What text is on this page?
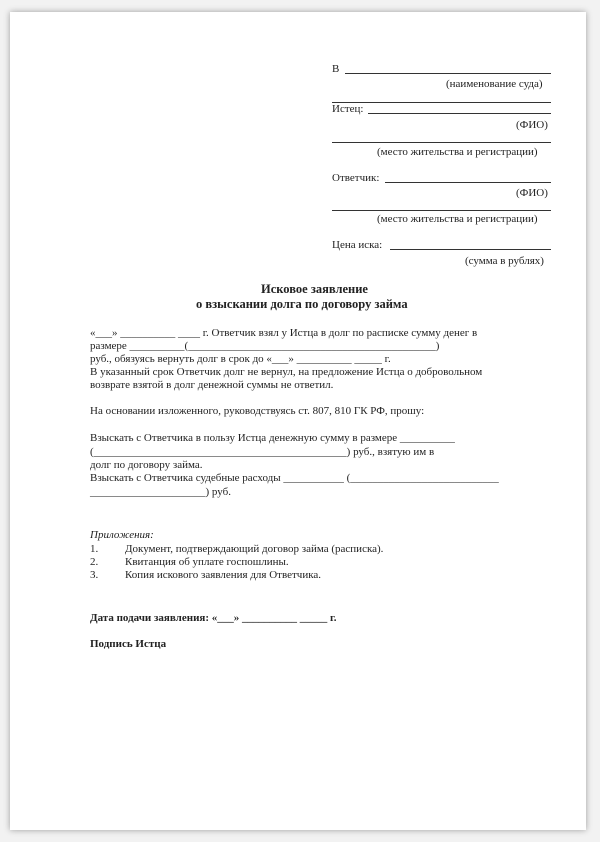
В
(наименование суда)
Истец:
(ФИО)
(место жительства и регистрации)
Ответчик:
(ФИО)
(место жительства и регистрации)
Цена иска:
(сумма в рублях)
Исковое заявление
о взыскании долга по договору займа
«___» __________ ____ г. Ответчик взял у Истца в долг по расписке сумму денег в
размере __________(_____________________________________________)
руб., обязуясь вернуть долг в срок до «___» __________ _____ г.
В указанный срок Ответчик долг не вернул, на предложение Истца о добровольном
возврате взятой в долг денежной суммы не ответил.
На основании изложенного, руководствуясь ст. 807, 810 ГК РФ, прошу:
Взыскать с Ответчика в пользу Истца денежную сумму в размере __________
(______________________________________________) руб., взятую им в
долг по договору займа.
Взыскать с Ответчика судебные расходы ___________ (___________________________
_____________________) руб.
Приложения:
1. Документ, подтверждающий договор займа (расписка).
2. Квитанция об уплате госпошлины.
3. Копия искового заявления для Ответчика.
Дата подачи заявления: «___» __________ _____ г.
Подпись Истца
